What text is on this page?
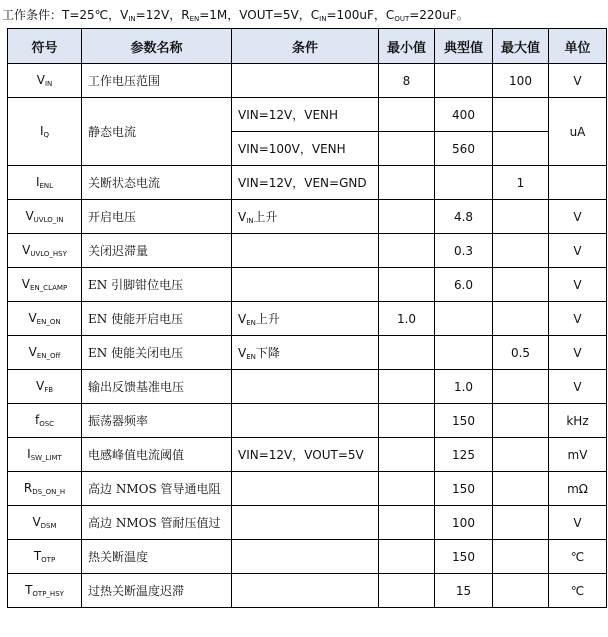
工作条件：T=25℃，$V_{IN}=12V$，$R_{EN}=1M$，VOUT=5V，$C_{IN}=100uF$，$C_{OUT}=220uF$。
符号	参数名称	条件	最小值	典型值	最大值	单位
$V_{IN}$	工作电压范围		8		100	V
$I_Q$	静态电流	VIN=12V，VENH		400		uA
		VIN=100V，VENH		560		
$I_{ENL}$	关断状态电流	VIN=12V，VEN=GND			1	
$V_{UVLO\_IN}$	开启电压	$V_{IN}$上升		4.8		V
$V_{UVLO\_HSY}$	关闭迟滞量			0.3		V
$V_{EN\_CLAMP}$	EN 引脚钳位电压			6.0		V
$V_{EN\_ON}$	EN 使能开启电压	$V_{EN}$上升	1.0			V
$V_{EN\_Off}$	EN 使能关闭电压	$V_{EN}$下降			0.5	V
$V_{FB}$	输出反馈基准电压			1.0		V
$f_{OSC}$	振荡器频率			150		kHz
$I_{SW\_LIMT}$	电感峰值电流阈值	VIN=12V，VOUT=5V		125		mV
$R_{DS\_ON\_H}$	高边 NMOS 管导通电阻			150		mΩ
$V_{DSM}$	高边 NMOS 管耐压值过			100		V
$T_{OTP}$	热关断温度			150		℃
$T_{OTP\_HSY}$	过热关断温度迟滞			15		℃
